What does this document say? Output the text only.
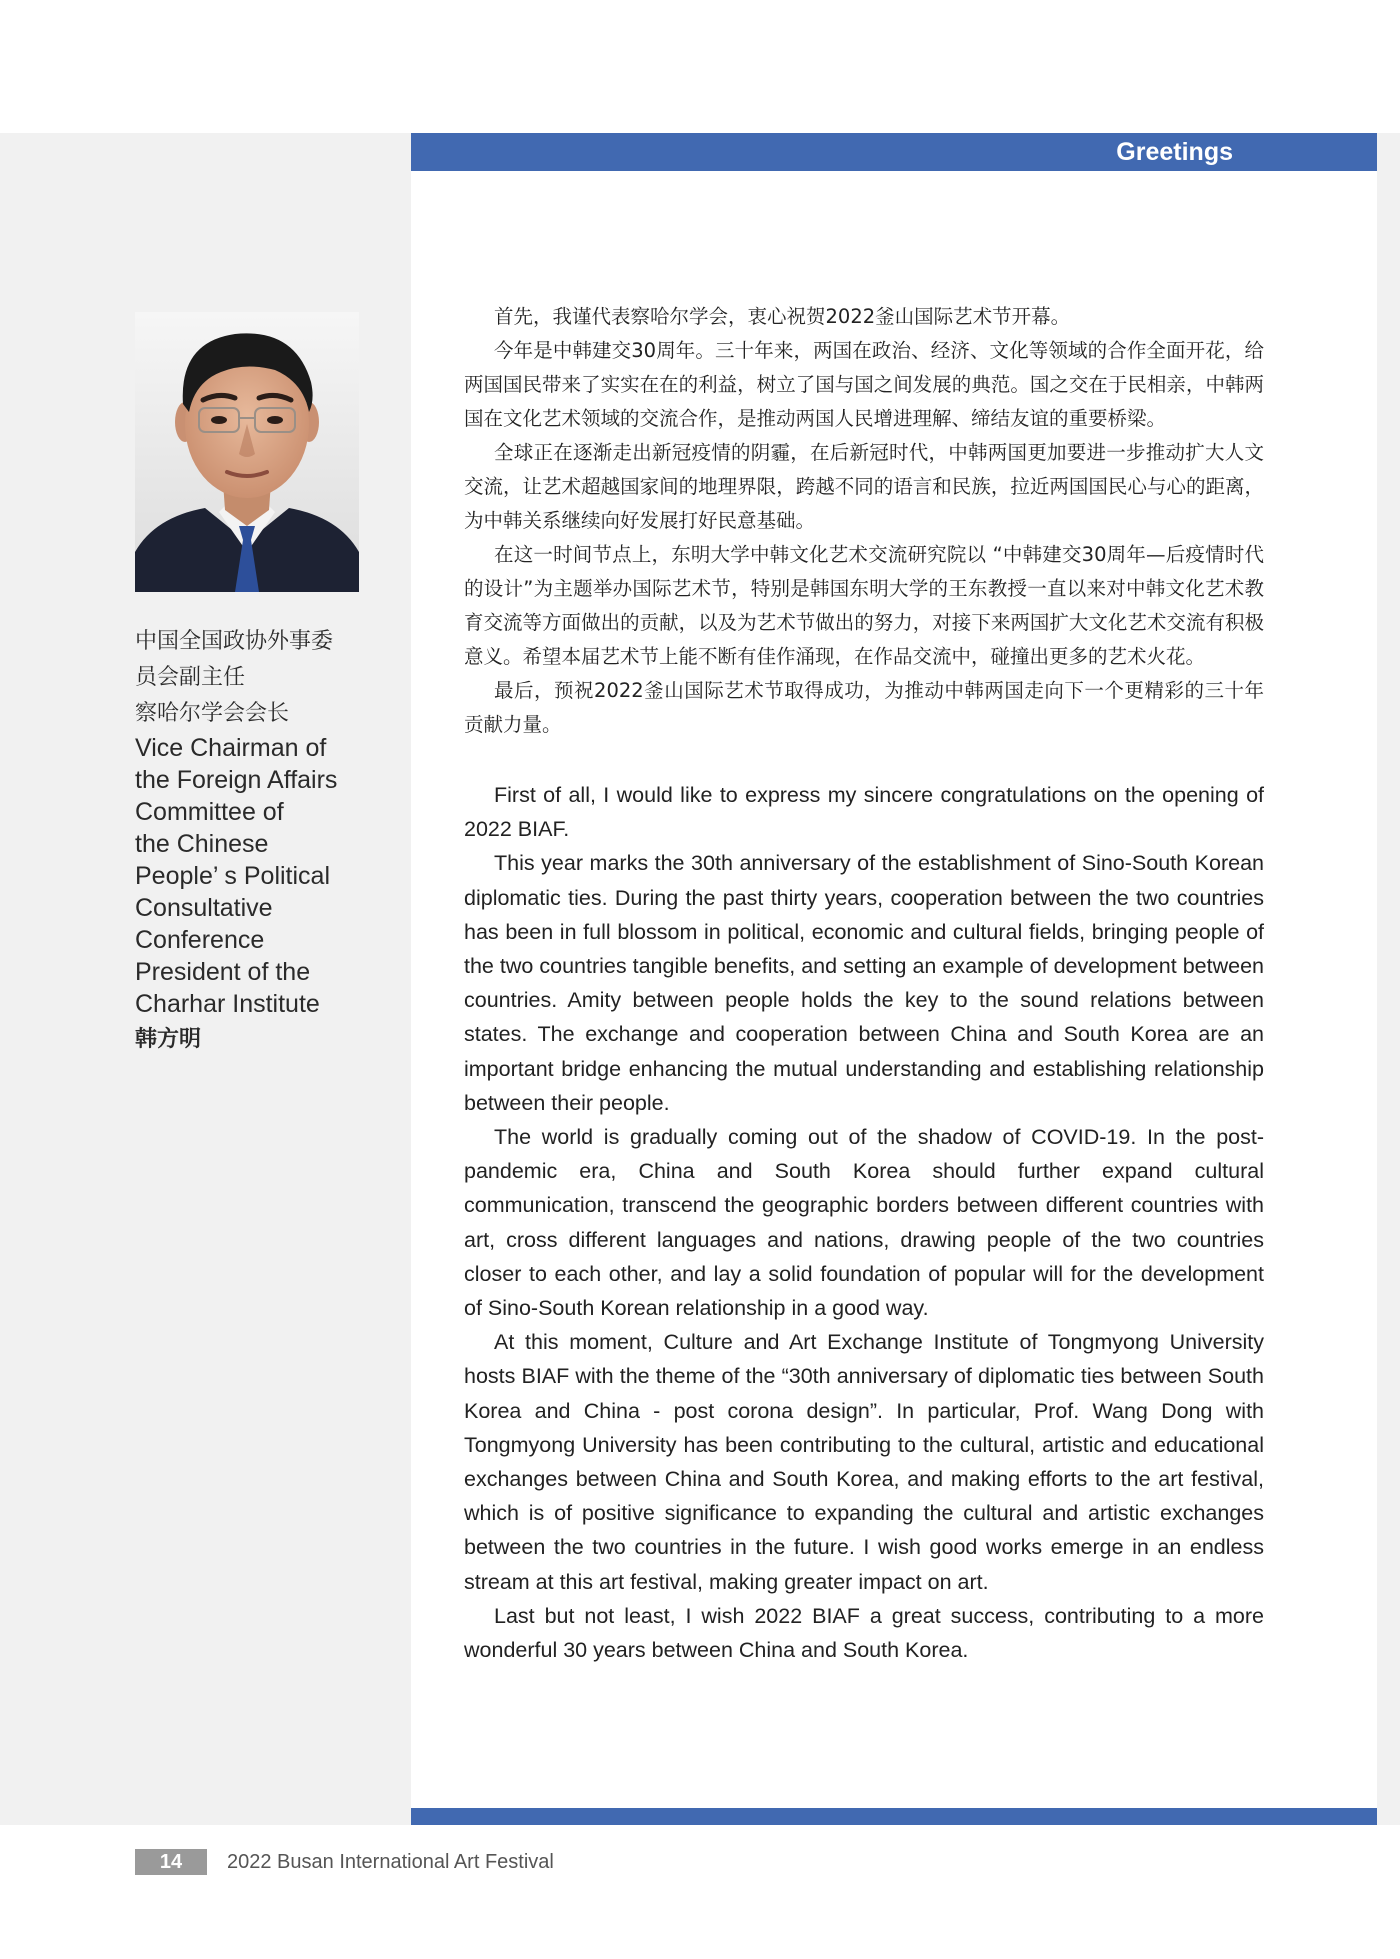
Greetings
中国全国政协外事委
员会副主任
察哈尔学会会长
Vice Chairman of
the Foreign Affairs
Committee of
the Chinese
People’ s Political
Consultative
Conference
President of the
Charhar Institute
韩方明

首先，我谨代表察哈尔学会，衷心祝贺2022釜山国际艺术节开幕。

今年是中韩建交30周年。三十年来，两国在政治、经济、文化等领域的合作全面开花，给两国国民带来了实实在在的利益，树立了国与国之间发展的典范。国之交在于民相亲，中韩两国在文化艺术领域的交流合作，是推动两国人民增进理解、缔结友谊的重要桥梁。

全球正在逐渐走出新冠疫情的阴霾，在后新冠时代，中韩两国更加要进一步推动扩大人文交流，让艺术超越国家间的地理界限，跨越不同的语言和民族，拉近两国国民心与心的距离，为中韩关系继续向好发展打好民意基础。

在这一时间节点上，东明大学中韩文化艺术交流研究院以 “中韩建交30周年—后疫情时代的设计”为主题举办国际艺术节，特别是韩国东明大学的王东教授一直以来对中韩文化艺术教育交流等方面做出的贡献，以及为艺术节做出的努力，对接下来两国扩大文化艺术交流有积极意义。希望本届艺术节上能不断有佳作涌现，在作品交流中，碰撞出更多的艺术火花。

最后，预祝2022釜山国际艺术节取得成功，为推动中韩两国走向下一个更精彩的三十年贡献力量。

First of all, I would like to express my sincere congratulations on the opening of 2022 BIAF.

This year marks the 30th anniversary of the establishment of Sino-South Korean diplomatic ties. During the past thirty years, cooperation between the two countries has been in full blossom in political, economic and cultural fields, bringing people of the two countries tangible benefits, and setting an example of development between countries. Amity between people holds the key to the sound relations between states. The exchange and cooperation between China and South Korea are an important bridge enhancing the mutual understanding and establishing relationship between their people.

The world is gradually coming out of the shadow of COVID-19. In the post-pandemic era, China and South Korea should further expand cultural communication, transcend the geographic borders between different countries with art, cross different languages and nations, drawing people of the two countries closer to each other, and lay a solid foundation of popular will for the development of Sino-South Korean relationship in a good way.

At this moment, Culture and Art Exchange Institute of Tongmyong University hosts BIAF with the theme of the “30th anniversary of diplomatic ties between South Korea and China - post corona design”. In particular, Prof. Wang Dong with Tongmyong University has been contributing to the cultural, artistic and educational exchanges between China and South Korea, and making efforts to the art festival, which is of positive significance to expanding the cultural and artistic exchanges between the two countries in the future. I wish good works emerge in an endless stream at this art festival, making greater impact on art.

Last but not least, I wish 2022 BIAF a great success, contributing to a more wonderful 30 years between China and South Korea.

14	2022 Busan International Art Festival
